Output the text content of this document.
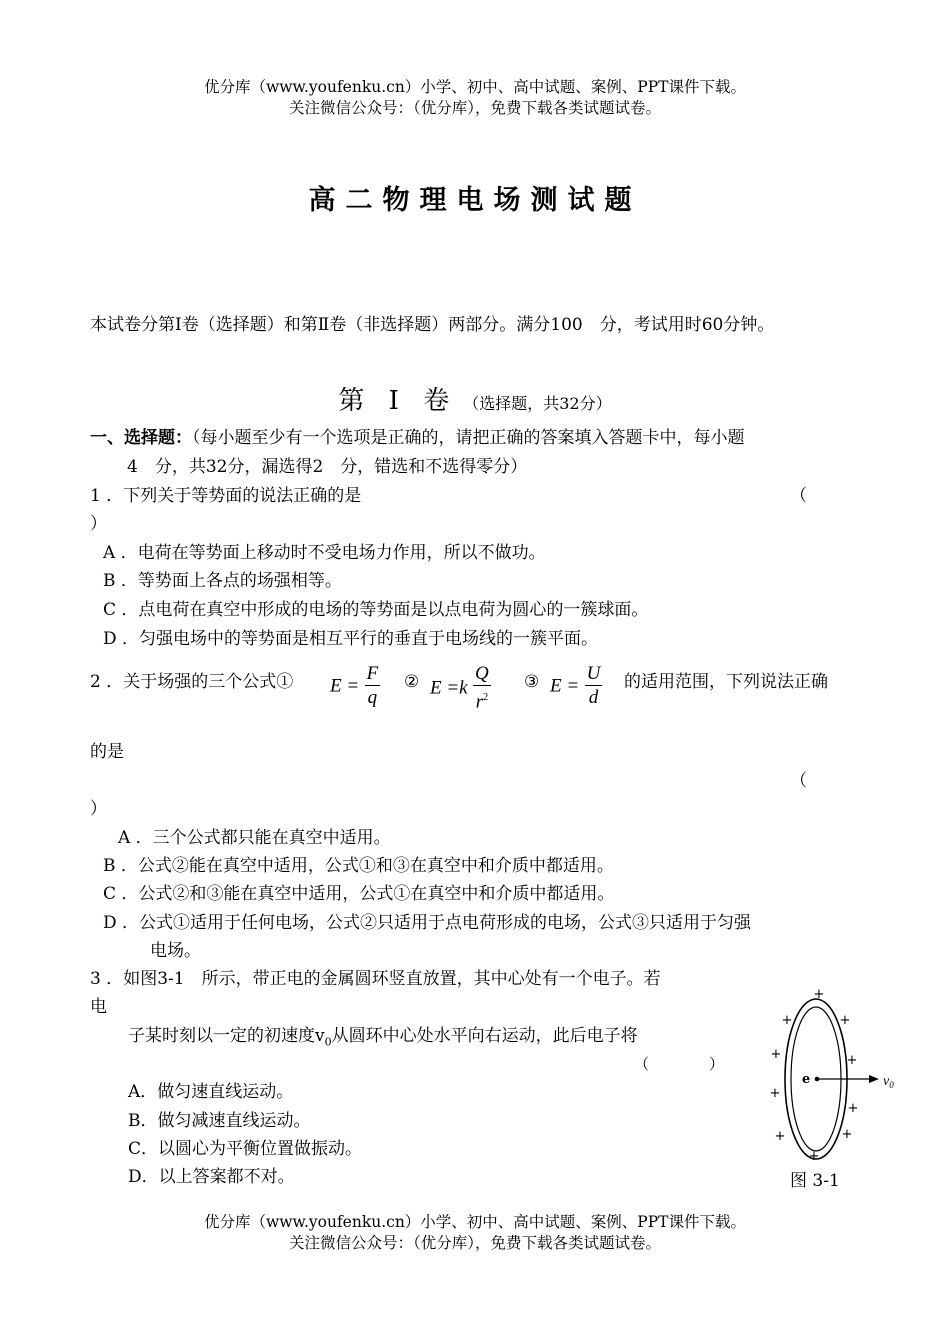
优分库（www.youfenku.cn）小学、初中、高中试题、案例、PPT课件下载。
关注微信公众号：（优分库），免费下载各类试题试卷。
高二物理电场测试题
本试卷分第Ⅰ卷（选择题）和第Ⅱ卷（非选择题）两部分。满分100　分，考试用时60分钟。
第 Ⅰ 卷 （选择题，共32分）
一、选择题：（每小题至少有一个选项是正确的，请把正确的答案填入答题卡中，每小题
4　分，共32分，漏选得2　分，错选和不选得零分）
1 ．下列关于等势面的说法正确的是	（
）
A ．电荷在等势面上移动时不受电场力作用，所以不做功。
B ．等势面上各点的场强相等。
C ．点电荷在真空中形成的电场的等势面是以点电荷为圆心的一簇球面。
D ．匀强电场中的等势面是相互平行的垂直于电场线的一簇平面。
2 ．关于场强的三个公式① $E = \frac{F}{q}$ ② $E =k \frac{Q}{r^2}$ ③ $E = \frac{U}{d}$ 的适用范围，下列说法正确
的是
（
）
A ．三个公式都只能在真空中适用。
B ．公式②能在真空中适用，公式①和③在真空中和介质中都适用。
C ．公式②和③能在真空中适用，公式①在真空中和介质中都适用。
D ．公式①适用于任何电场，公式②只适用于点电荷形成的电场，公式③只适用于匀强
电场。
3 ．如图3-1　所示，带正电的金属圆环竖直放置，其中心处有一个电子。若
电
子某时刻以一定的初速度$v_0$从圆环中心处水平向右运动，此后电子将
（　　　　）
A．做匀速直线运动。
B．做匀减速直线运动。
C．以圆心为平衡位置做振动。
D．以上答案都不对。
e	$v_0$
+
+	+
+	+
+
+
+	+
+
图 3-1
优分库（www.youfenku.cn）小学、初中、高中试题、案例、PPT课件下载。
关注微信公众号：（优分库），免费下载各类试题试卷。
